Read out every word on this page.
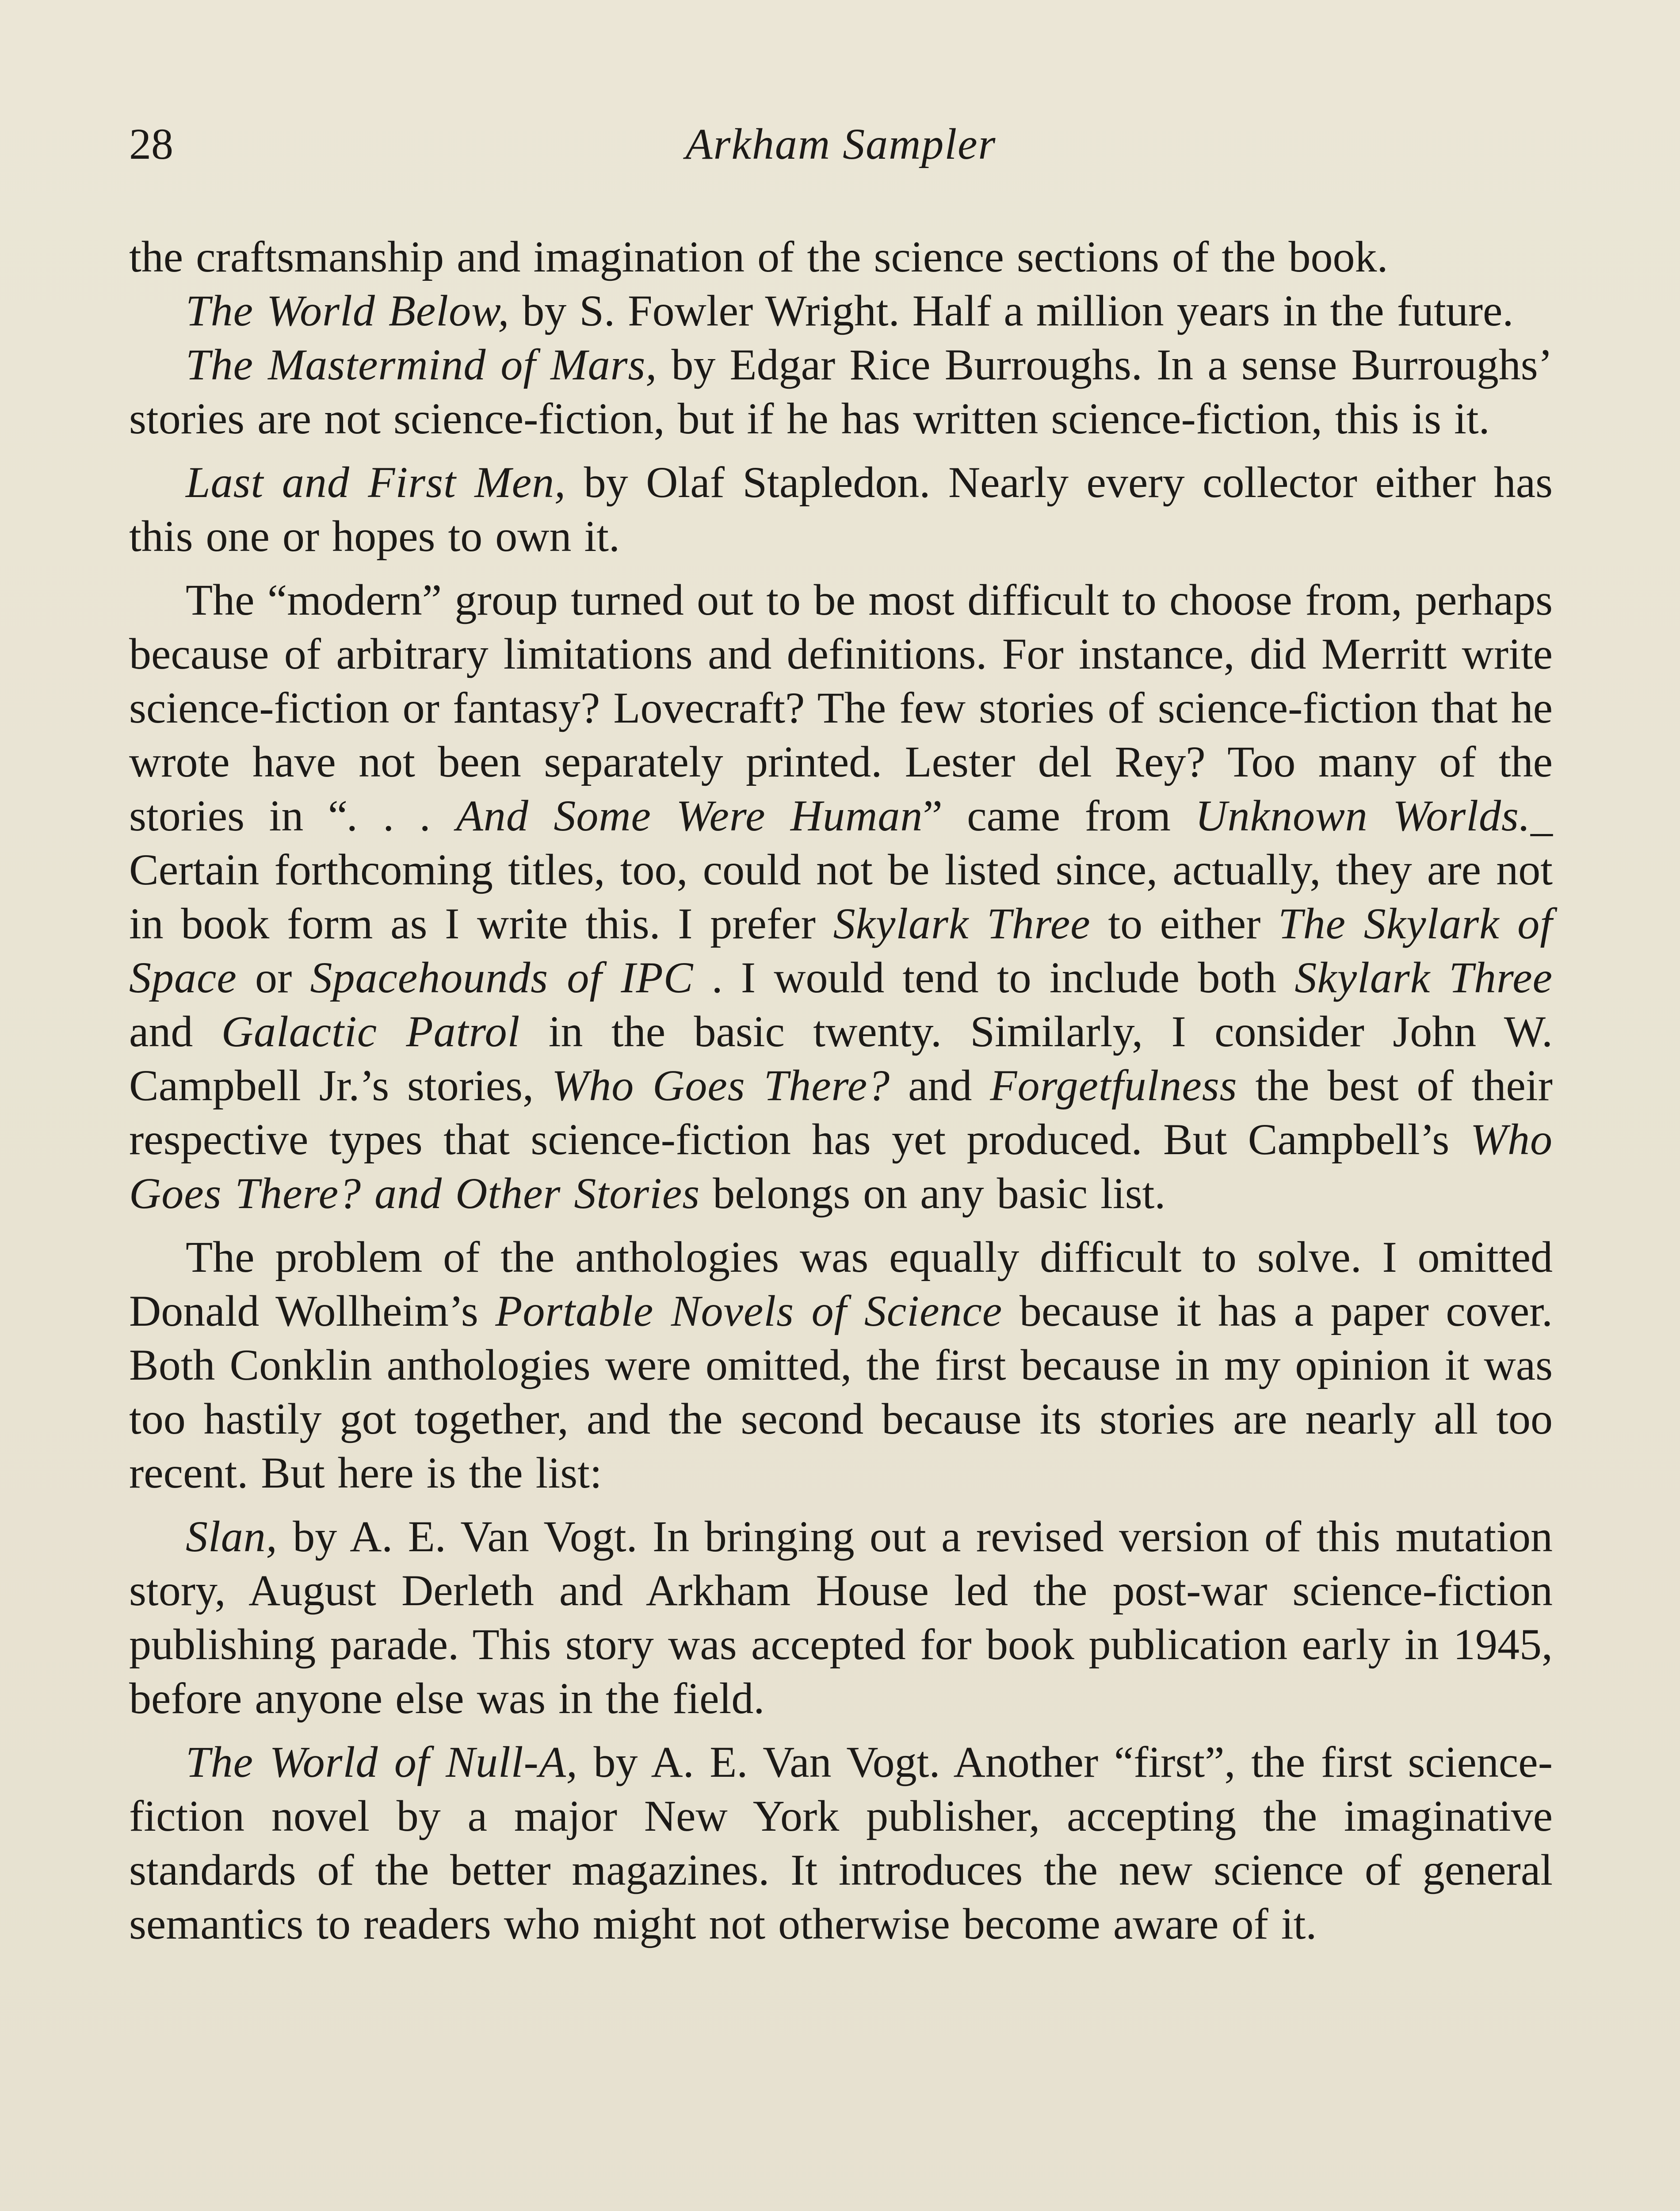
28	Arkham Sampler

the craftsmanship and imagination of the science sections of the book.

The World Below, by S. Fowler Wright. Half a million years in the future.

The Mastermind of Mars, by Edgar Rice Burroughs. In a sense Burroughs’ stories are not science-fiction, but if he has written science-fiction, this is it.

Last and First Men, by Olaf Stapledon. Nearly every collector either has this one or hopes to own it.

The “modern” group turned out to be most difficult to choose from, perhaps because of arbitrary limitations and definitions. For instance, did Merritt write science-fiction or fantasy? Lovecraft? The few stories of science-fiction that he wrote have not been separately printed. Lester del Rey? Too many of the stories in “. . . And Some Were Human” came from Unknown Worlds._ Certain forthcoming titles, too, could not be listed since, actually, they are not in book form as I write this. I prefer Skylark Three to either The Skylark of Space or Spacehounds of IPC . I would tend to include both Skylark Three and Galactic Patrol in the basic twenty. Similarly, I consider John W. Campbell Jr.’s stories, Who Goes There? and Forgetfulness the best of their respective types that science-fiction has yet produced. But Campbell’s Who Goes There? and Other Stories belongs on any basic list.

The problem of the anthologies was equally difficult to solve. I omitted Donald Wollheim’s Portable Novels of Science because it has a paper cover. Both Conklin anthologies were omitted, the first because in my opinion it was too hastily got together, and the second because its stories are nearly all too recent. But here is the list:

Slan, by A. E. Van Vogt. In bringing out a revised version of this mutation story, August Derleth and Arkham House led the post-war science-fiction publishing parade. This story was accepted for book publication early in 1945, before anyone else was in the field.

The World of Null-A, by A. E. Van Vogt. Another “first”, the first science-fiction novel by a major New York publisher, accepting the imaginative standards of the better magazines. It introduces the new science of general semantics to readers who might not otherwise become aware of it.
